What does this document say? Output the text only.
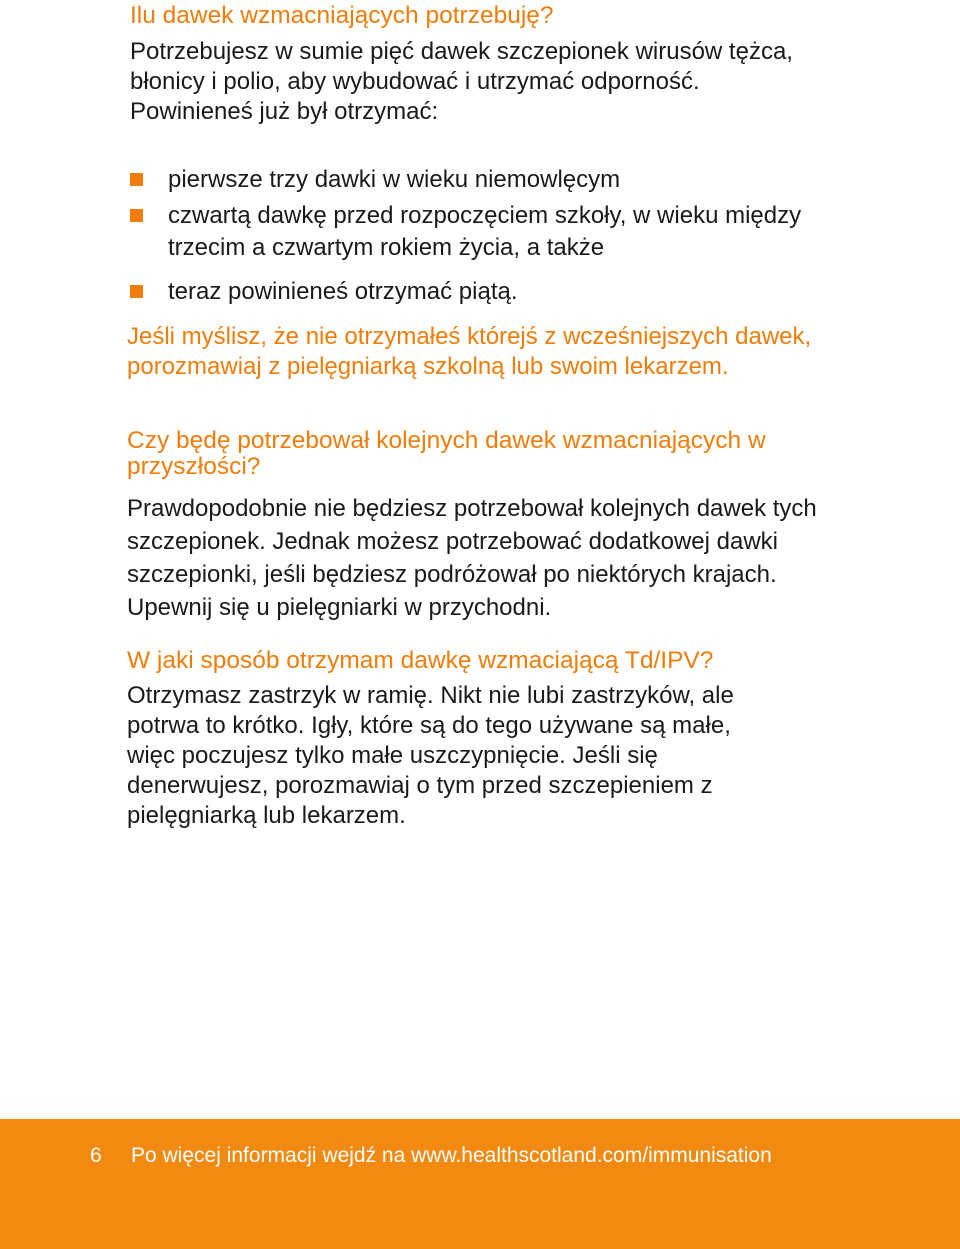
Ilu dawek wzmacniających potrzebuję?

Potrzebujesz w sumie pięć dawek szczepionek wirusów tężca,
błonicy i polio, aby wybudować i utrzymać odporność.
Powinieneś już był otrzymać:
pierwsze trzy dawki w wieku niemowlęcym
czwartą dawkę przed rozpoczęciem szkoły, w wieku między
trzecim a czwartym rokiem życia, a także
teraz powinieneś otrzymać piątą.
Jeśli myślisz, że nie otrzymałeś którejś z wcześniejszych dawek,
porozmawiaj z pielęgniarką szkolną lub swoim lekarzem.
Czy będę potrzebował kolejnych dawek wzmacniających w
przyszłości?
Prawdopodobnie nie będziesz potrzebował kolejnych dawek tych
szczepionek. Jednak możesz potrzebować dodatkowej dawki
szczepionki, jeśli będziesz podróżował po niektórych krajach.
Upewnij się u pielęgniarki w przychodni.

W jaki sposób otrzymam dawkę wzmaciającą Td/IPV?

Otrzymasz zastrzyk w ramię. Nikt nie lubi zastrzyków, ale
potrwa to krótko. Igły, które są do tego używane są małe,
więc poczujesz tylko małe uszczypnięcie. Jeśli się
denerwujesz, porozmawiaj o tym przed szczepieniem z
pielęgniarką lub lekarzem.
6 Po więcej informacji wejdź na www.healthscotland.com/immunisation
